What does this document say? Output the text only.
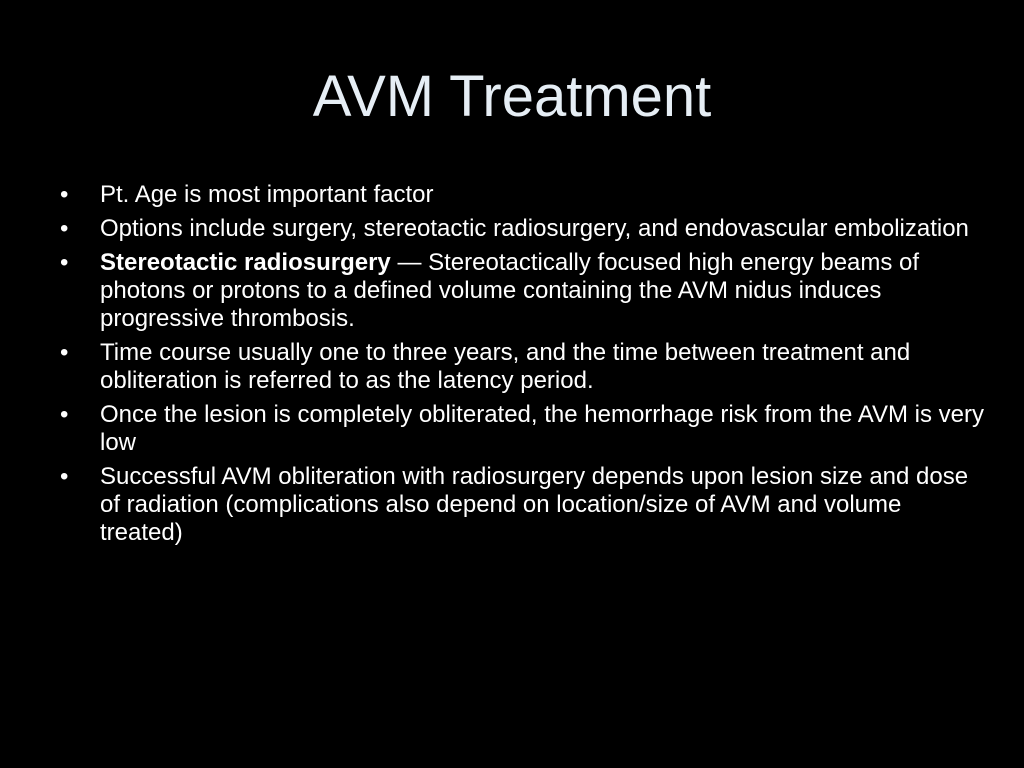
AVM Treatment
•	Pt. Age is most important factor
•	Options include surgery, stereotactic radiosurgery, and endovascular embolization
•	Stereotactic radiosurgery — Stereotactically focused high energy beams of photons or protons to a defined volume containing the AVM nidus induces progressive thrombosis.
•	Time course usually one to three years, and the time between treatment and obliteration is referred to as the latency period.
•	Once the lesion is completely obliterated, the hemorrhage risk from the AVM is very low
•	Successful AVM obliteration with radiosurgery depends upon lesion size and dose of radiation (complications also depend on location/size of AVM and volume treated)
